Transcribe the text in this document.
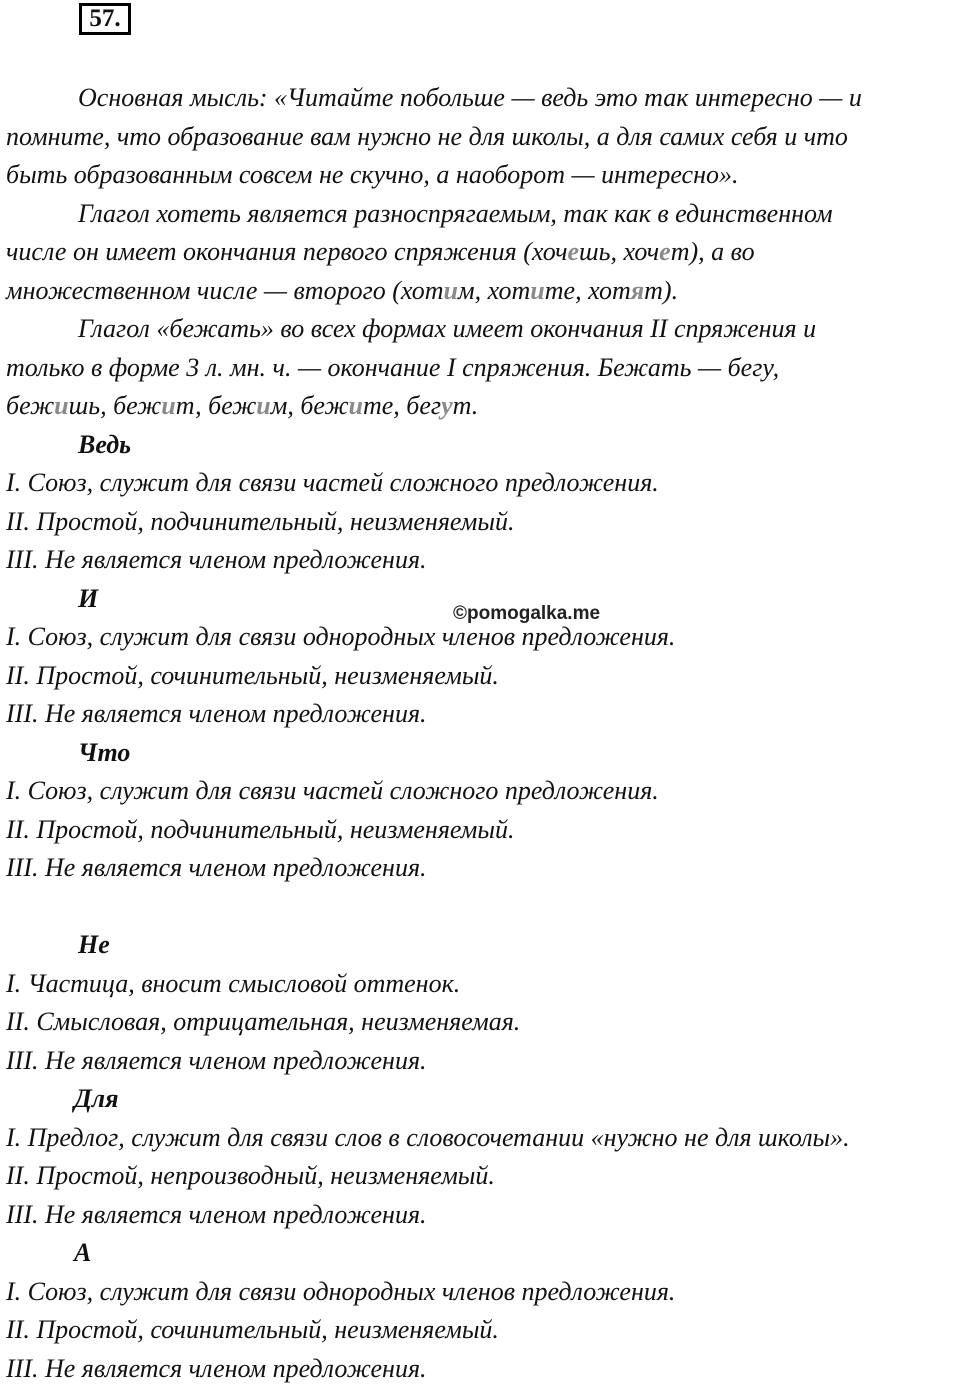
57.
Основная мысль: «Читайте побольше — ведь это так интересно — и
помните, что образование вам нужно не для школы, а для самих себя и что
быть образованным совсем не скучно, а наоборот — интересно».
Глагол хотеть является разноспрягаемым, так как в единственном
числе он имеет окончания первого спряжения (хочешь, хочет), а во
множественном числе — второго (хотим, хотите, хотят).
Глагол «бежать» во всех формах имеет окончания II спряжения и
только в форме 3 л. мн. ч. — окончание I спряжения. Бежать — бегу,
бежишь, бежит, бежим, бежите, бегут.
Ведь
I. Союз, служит для связи частей сложного предложения.
II. Простой, подчинительный, неизменяемый.
III. Не является членом предложения.
И
I. Союз, служит для связи однородных членов предложения.
II. Простой, сочинительный, неизменяемый.
III. Не является членом предложения.
Что
I. Союз, служит для связи частей сложного предложения.
II. Простой, подчинительный, неизменяемый.
III. Не является членом предложения.
Не
I. Частица, вносит смысловой оттенок.
II. Смысловая, отрицательная, неизменяемая.
III. Не является членом предложения.
Для
I. Предлог, служит для связи слов в словосочетании «нужно не для школы».
II. Простой, непроизводный, неизменяемый.
III. Не является членом предложения.
А
I. Союз, служит для связи однородных членов предложения.
II. Простой, сочинительный, неизменяемый.
III. Не является членом предложения.
©pomogalka.me
